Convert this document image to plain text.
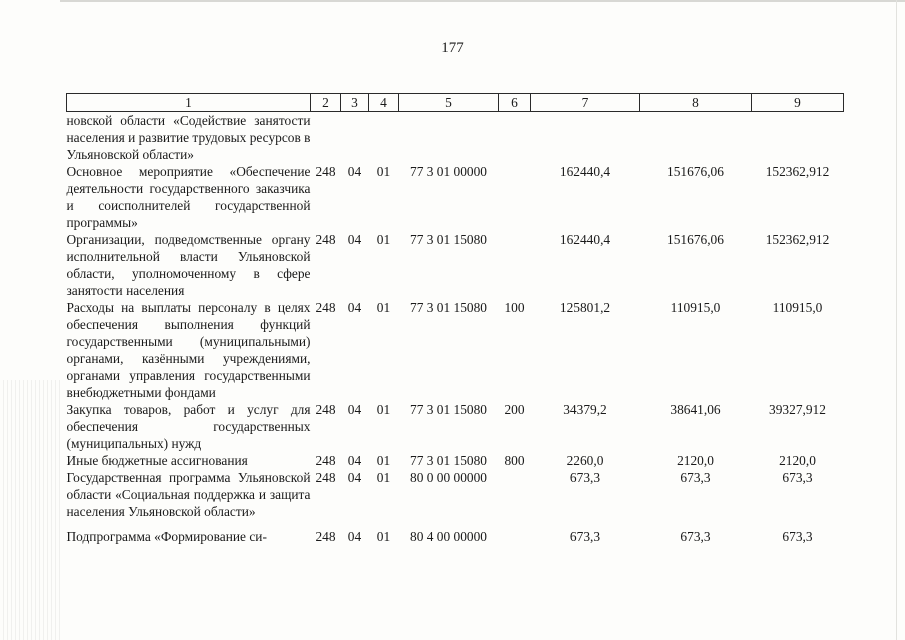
177
1	2	3	4	5	6	7	8	9
новской области «Содействие занятости населения и развитие трудовых ресурсов в Ульяновской области»								
Основное мероприятие «Обеспечение деятельности государственного заказчика и соисполнителей государственной программы»	248	04	01	77 3 01 00000		162440,4	151676,06	152362,912
Организации, подведомственные органу исполнительной власти Ульяновской области, уполномоченному в сфере занятости населения	248	04	01	77 3 01 15080		162440,4	151676,06	152362,912
Расходы на выплаты персоналу в целях обеспечения выполнения функций государственными (муниципальными) органами, казёнными учреждениями, органами управления государственными внебюджетными фондами	248	04	01	77 3 01 15080	100	125801,2	110915,0	110915,0
Закупка товаров, работ и услуг для обеспечения государственных (муниципальных) нужд	248	04	01	77 3 01 15080	200	34379,2	38641,06	39327,912
Иные бюджетные ассигнования	248	04	01	77 3 01 15080	800	2260,0	2120,0	2120,0
Государственная программа Ульяновской области «Социальная поддержка и защита населения Ульяновской области»	248	04	01	80 0 00 00000		673,3	673,3	673,3
Подпрограмма «Формирование си-	248	04	01	80 4 00 00000		673,3	673,3	673,3
